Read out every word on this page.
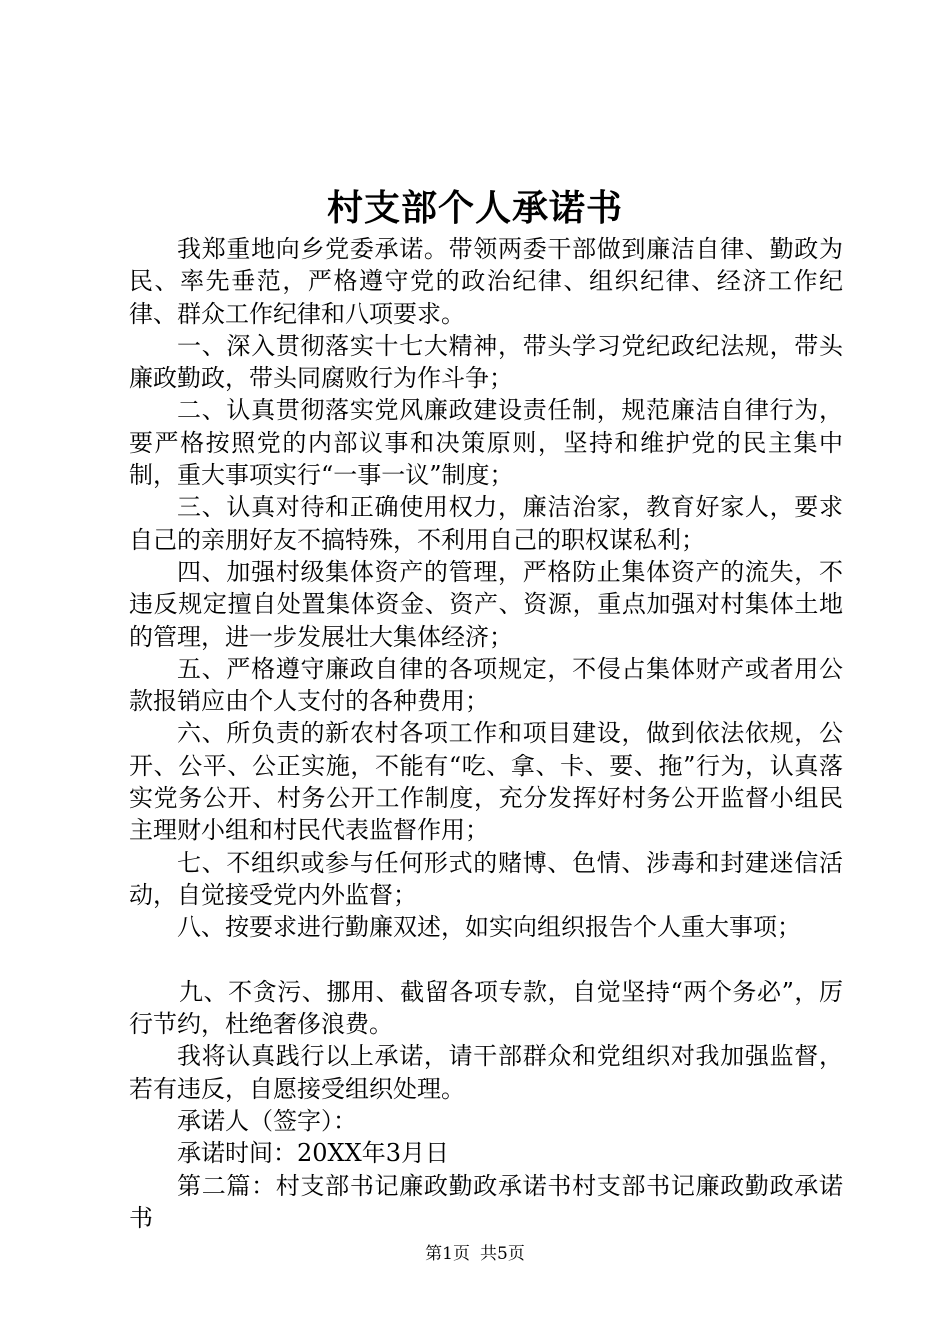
村支部个人承诺书

我郑重地向乡党委承诺。带领两委干部做到廉洁自律、勤政为民、率先垂范，严格遵守党的政治纪律、组织纪律、经济工作纪律、群众工作纪律和八项要求。

一、深入贯彻落实十七大精神，带头学习党纪政纪法规，带头廉政勤政，带头同腐败行为作斗争；

二、认真贯彻落实党风廉政建设责任制，规范廉洁自律行为，要严格按照党的内部议事和决策原则，坚持和维护党的民主集中制，重大事项实行“一事一议”制度；

三、认真对待和正确使用权力，廉洁治家，教育好家人，要求自己的亲朋好友不搞特殊，不利用自己的职权谋私利；

四、加强村级集体资产的管理，严格防止集体资产的流失，不违反规定擅自处置集体资金、资产、资源，重点加强对村集体土地的管理，进一步发展壮大集体经济；

五、严格遵守廉政自律的各项规定，不侵占集体财产或者用公款报销应由个人支付的各种费用；

六、所负责的新农村各项工作和项目建设，做到依法依规，公开、公平、公正实施，不能有“吃、拿、卡、要、拖”行为，认真落实党务公开、村务公开工作制度，充分发挥好村务公开监督小组民主理财小组和村民代表监督作用；

七、不组织或参与任何形式的赌博、色情、涉毒和封建迷信活动，自觉接受党内外监督；

八、按要求进行勤廉双述，如实向组织报告个人重大事项；

九、不贪污、挪用、截留各项专款，自觉坚持“两个务必”，厉行节约，杜绝奢侈浪费。

我将认真践行以上承诺，请干部群众和党组织对我加强监督，若有违反，自愿接受组织处理。

承诺人（签字）：

承诺时间：20XX年3月日

第二篇：村支部书记廉政勤政承诺书村支部书记廉政勤政承诺书

第1页 共5页
